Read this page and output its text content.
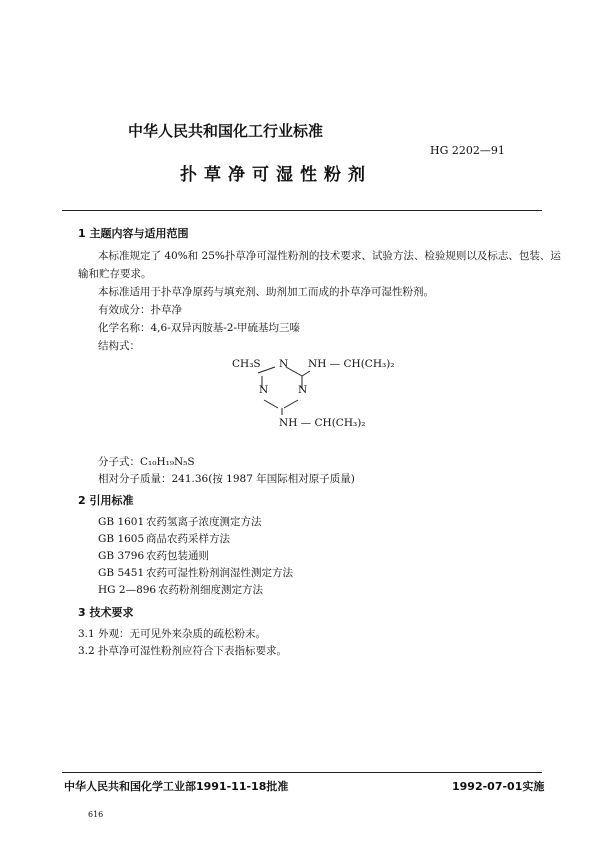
中华人民共和国化工行业标准
HG 2202—91
扑草净可湿性粉剂
1 主题内容与适用范围
本标准规定了 40%和 25%扑草净可湿性粉剂的技术要求、试验方法、检验规则以及标志、包装、运
输和贮存要求。
本标准适用于扑草净原药与填充剂、助剂加工而成的扑草净可湿性粉剂。
有效成分：扑草净
化学名称：4,6-双异丙胺基-2-甲硫基均三嗪
结构式：
CH₃S N
N	N
NH — CH(CH₃)₂
NH — CH(CH₃)₂
分子式：C₁₀H₁₉N₅S
相对分子质量：241.36(按 1987 年国际相对原子质量)
2 引用标准
GB 1601 农药氢离子浓度测定方法
GB 1605 商品农药采样方法
GB 3796 农药包装通则
GB 5451 农药可湿性粉剂润湿性测定方法
HG 2—896 农药粉剂细度测定方法
3 技术要求
3.1 外观：无可见外来杂质的疏松粉末。
3.2 扑草净可湿性粉剂应符合下表指标要求。
中华人民共和国化学工业部1991-11-18批准	1992-07-01实施
616
